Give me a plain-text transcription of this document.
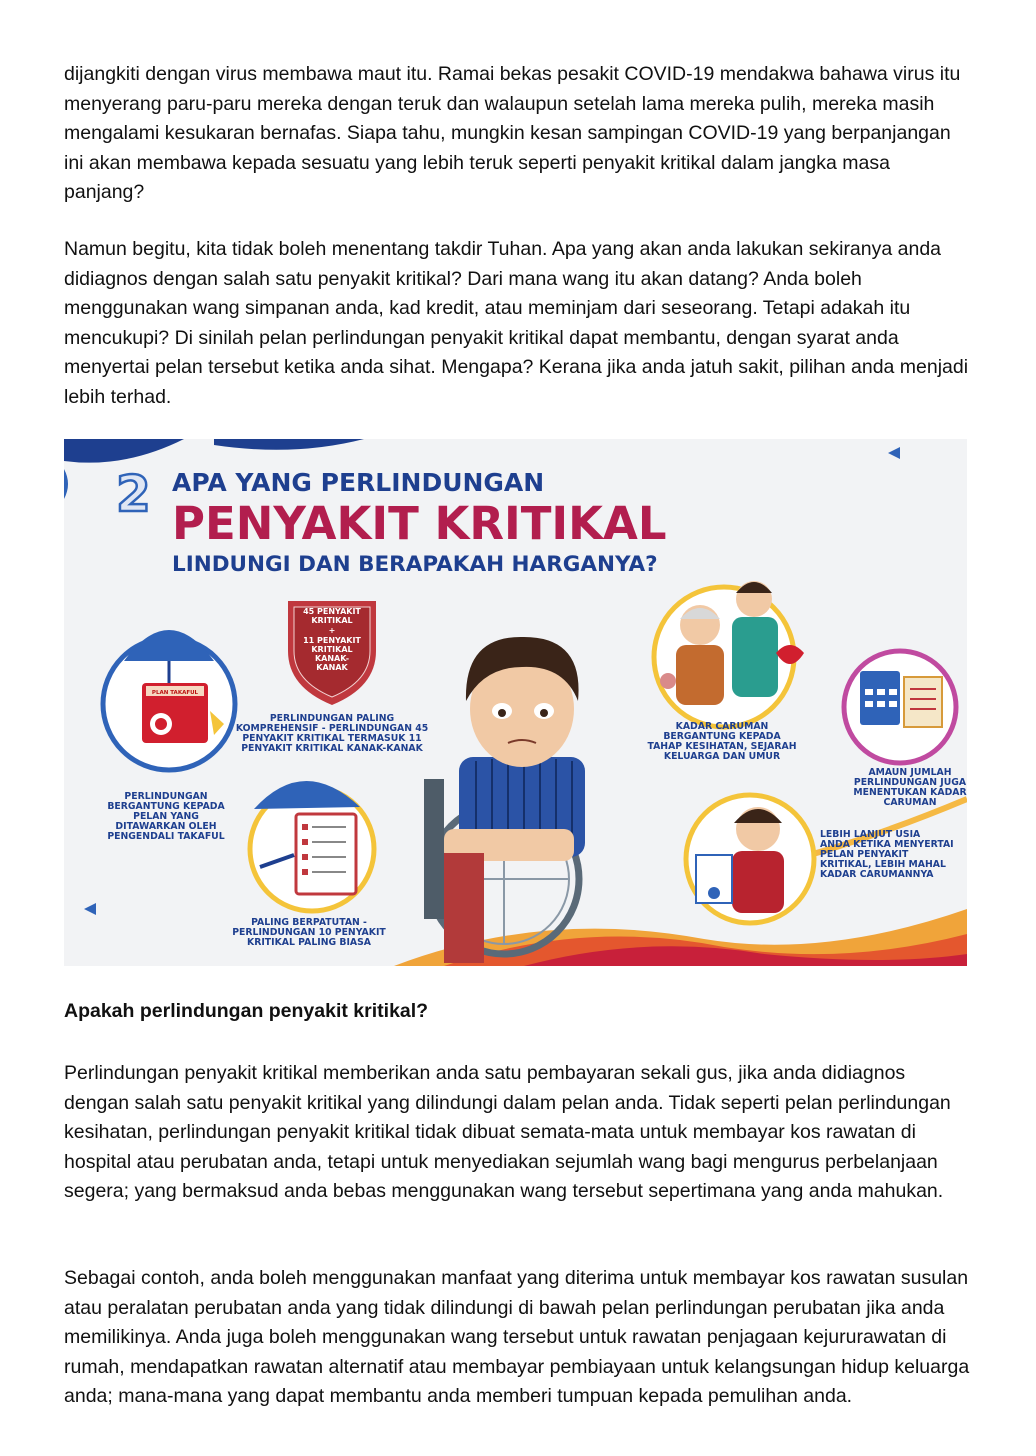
dijangkiti dengan virus membawa maut itu. Ramai bekas pesakit COVID-19 mendakwa bahawa virus itu menyerang paru-paru mereka dengan teruk dan walaupun setelah lama mereka pulih, mereka masih mengalami kesukaran bernafas. Siapa tahu, mungkin kesan sampingan COVID-19 yang berpanjangan ini akan membawa kepada sesuatu yang lebih teruk seperti penyakit kritikal dalam jangka masa panjang?

Namun begitu, kita tidak boleh menentang takdir Tuhan. Apa yang akan anda lakukan sekiranya anda didiagnos dengan salah satu penyakit kritikal? Dari mana wang itu akan datang? Anda boleh menggunakan wang simpanan anda, kad kredit, atau meminjam dari seseorang. Tetapi adakah itu mencukupi? Di sinilah pelan perlindungan penyakit kritikal dapat membantu, dengan syarat anda menyertai pelan tersebut ketika anda sihat. Mengapa? Kerana jika anda jatuh sakit, pilihan anda menjadi lebih terhad.

2 APA YANG PERLINDUNGAN
PENYAKIT KRITIKAL
LINDUNGI DAN BERAPAKAH HARGANYA?
45 PENYAKIT
KRITIKAL
+
11 PENYAKIT
KRITIKAL
KANAK-
KANAK
PLAN TAKAFUL
PERLINDUNGAN
BERGANTUNG KEPADA
PELAN YANG
DITAWARKAN OLEH
PENGENDALI TAKAFUL
PERLINDUNGAN PALING
KOMPREHENSIF - PERLINDUNGAN 45
PENYAKIT KRITIKAL TERMASUK 11
PENYAKIT KRITIKAL KANAK-KANAK
PALING BERPATUTAN -
PERLINDUNGAN 10 PENYAKIT
KRITIKAL PALING BIASA
KADAR CARUMAN
BERGANTUNG KEPADA
TAHAP KESIHATAN, SEJARAH
KELUARGA DAN UMUR
AMAUN JUMLAH
PERLINDUNGAN JUGA
MENENTUKAN KADAR
CARUMAN
LEBIH LANJUT USIA
ANDA KETIKA MENYERTAI
PELAN PENYAKIT
KRITIKAL, LEBIH MAHAL
KADAR CARUMANNYA

Apakah perlindungan penyakit kritikal?

Perlindungan penyakit kritikal memberikan anda satu pembayaran sekali gus, jika anda didiagnos dengan salah satu penyakit kritikal yang dilindungi dalam pelan anda. Tidak seperti pelan perlindungan kesihatan, perlindungan penyakit kritikal tidak dibuat semata-mata untuk membayar kos rawatan di hospital atau perubatan anda, tetapi untuk menyediakan sejumlah wang bagi mengurus perbelanjaan segera; yang bermaksud anda bebas menggunakan wang tersebut sepertimana yang anda mahukan.

Sebagai contoh, anda boleh menggunakan manfaat yang diterima untuk membayar kos rawatan susulan atau peralatan perubatan anda yang tidak dilindungi di bawah pelan perlindungan perubatan jika anda memilikinya. Anda juga boleh menggunakan wang tersebut untuk rawatan penjagaan kejururawatan di rumah, mendapatkan rawatan alternatif atau membayar pembiayaan untuk kelangsungan hidup keluarga anda; mana-mana yang dapat membantu anda memberi tumpuan kepada pemulihan anda.
